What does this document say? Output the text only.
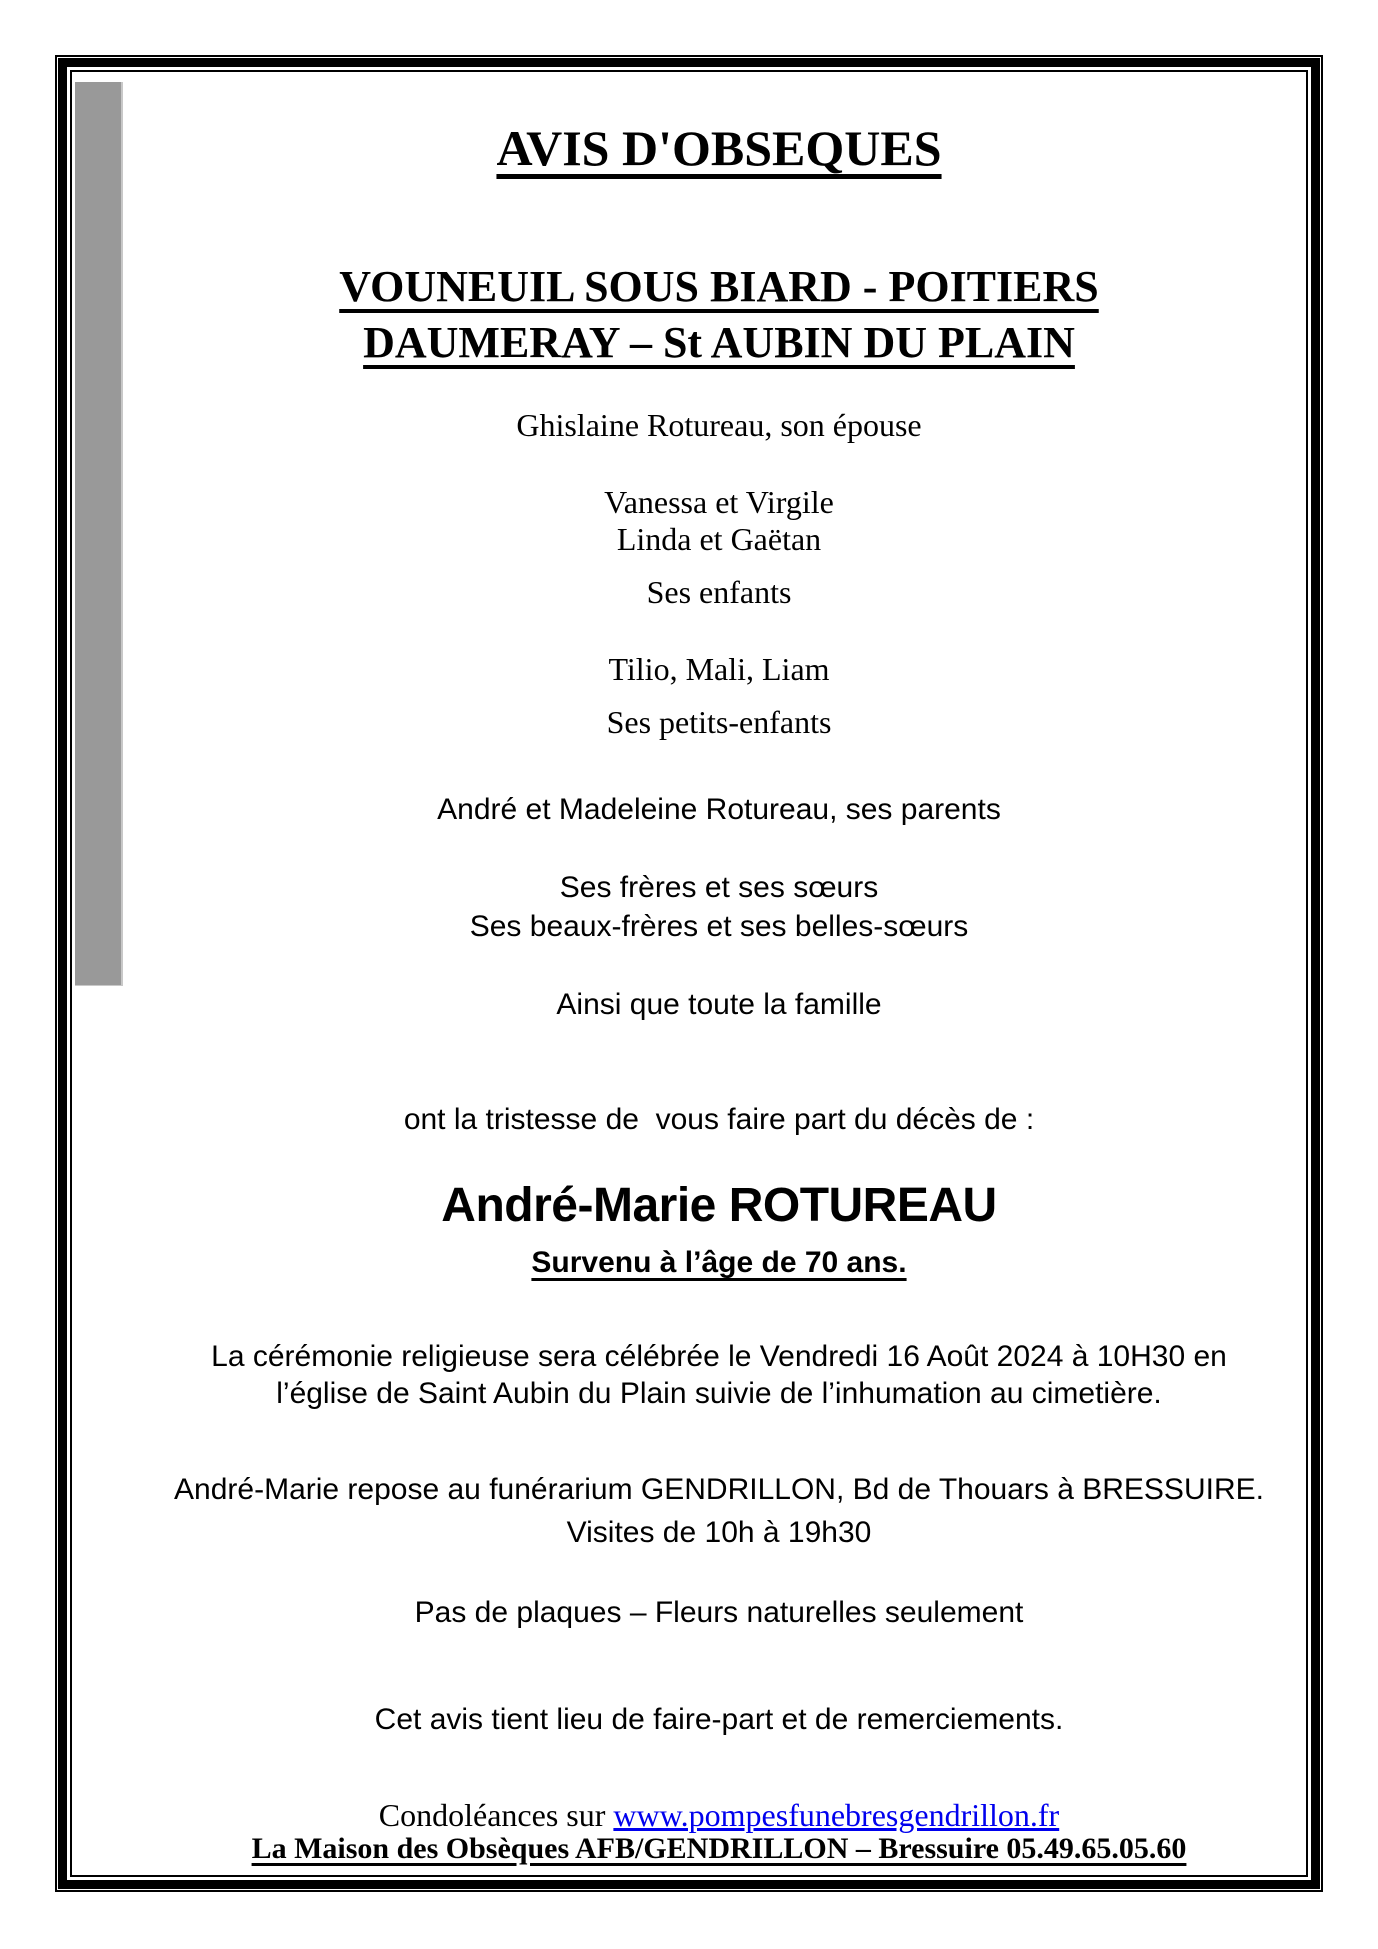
AVIS D'OBSEQUES
VOUNEUIL SOUS BIARD - POITIERS
DAUMERAY – St AUBIN DU PLAIN
Ghislaine Rotureau, son épouse
Vanessa et Virgile
Linda et Gaëtan
Ses enfants
Tilio, Mali, Liam
Ses petits-enfants
André et Madeleine Rotureau, ses parents
Ses frères et ses sœurs
Ses beaux-frères et ses belles-sœurs
Ainsi que toute la famille
ont la tristesse de  vous faire part du décès de :
André-Marie ROTUREAU
Survenu à l’âge de 70 ans.
La cérémonie religieuse sera célébrée le Vendredi 16 Août 2024 à 10H30 en
l’église de Saint Aubin du Plain suivie de l’inhumation au cimetière.
André-Marie repose au funérarium GENDRILLON, Bd de Thouars à BRESSUIRE.
Visites de 10h à 19h30
Pas de plaques – Fleurs naturelles seulement
Cet avis tient lieu de faire-part et de remerciements.
Condoléances sur www.pompesfunebresgendrillon.fr
La Maison des Obsèques AFB/GENDRILLON – Bressuire 05.49.65.05.60
